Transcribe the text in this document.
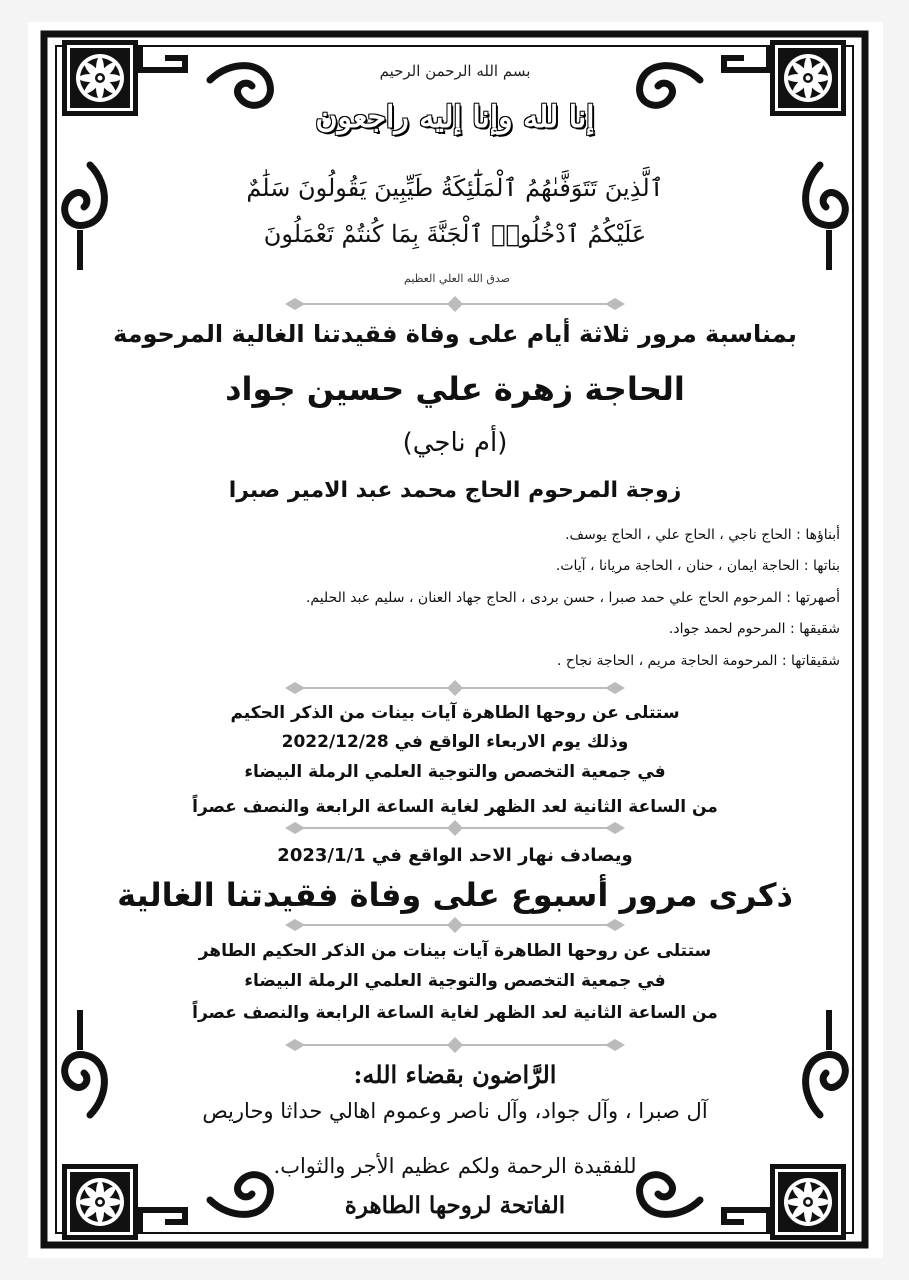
بسم الله الرحمن الرحيم
إنا لله وإنا إليه راجعون
ٱلَّذِينَ تَتَوَفَّىٰهُمُ ٱلْمَلَٰٓئِكَةُ طَيِّبِينَ يَقُولُونَ سَلَٰمٌ
عَلَيْكُمُ ٱدْخُلُوا۟ ٱلْجَنَّةَ بِمَا كُنتُمْ تَعْمَلُونَ
صدق الله العلي العظيم
بمناسبة مرور ثلاثة أيام على وفاة فقيدتنا الغالية المرحومة
الحاجة زهرة علي حسين جواد
(أم ناجي)
زوجة المرحوم الحاج محمد عبد الامير صبرا
أبناؤها : الحاج ناجي ، الحاج علي ، الحاج يوسف.
بناتها : الحاجة ايمان ، حنان ، الحاجة مريانا ، آيات.
أصهرتها : المرحوم الحاج علي حمد صبرا ، حسن بردى ، الحاج جهاد العنان ، سليم عبد الحليم.
شقيقها : المرحوم لحمد جواد.
شقيقاتها : المرحومة الحاجة مريم ، الحاجة نجاح .
ستتلى عن روحها الطاهرة آيات بينات من الذكر الحكيم
وذلك يوم الاربعاء الواقع في 2022/12/28
في جمعية التخصص والتوجية العلمي الرملة البيضاء
من الساعة الثانية لعد الظهر لغاية الساعة الرابعة والنصف عصراً
ويصادف نهار الاحد الواقع في 2023/1/1
ذكرى مرور أسبوع على وفاة فقيدتنا الغالية
ستتلى عن روحها الطاهرة آيات بينات من الذكر الحكيم الطاهر
في جمعية التخصص والتوجية العلمي الرملة البيضاء
من الساعة الثانية لعد الظهر لغاية الساعة الرابعة والنصف عصراً
الرَّاضون بقضاء الله:
آل صبرا ، وآل جواد، وآل ناصر وعموم اهالي حداثا وحاريص
للفقيدة الرحمة ولكم عظيم الأجر والثواب.
الفاتحة لروحها الطاهرة
